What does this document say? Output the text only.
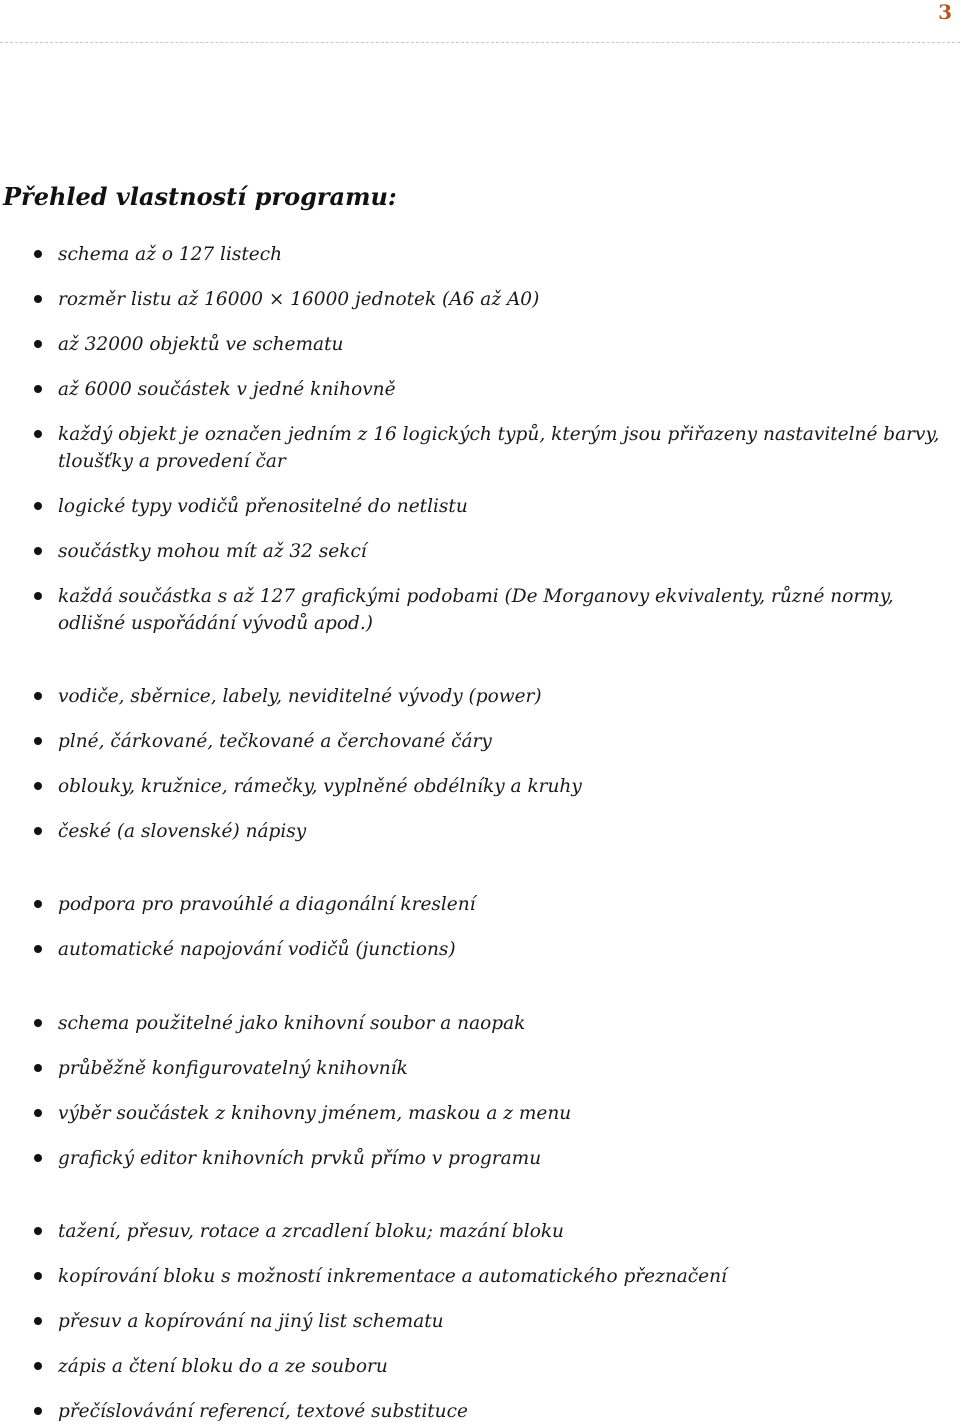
3
Přehled vlastností programu:
schema až o 127 listech
rozměr listu až 16000 × 16000 jednotek (A6 až A0)
až 32000 objektů ve schematu
až 6000 součástek v jedné knihovně
každý objekt je označen jedním z 16 logických typů, kterým jsou přiřazeny nastavitelné barvy, tloušťky a provedení čar
logické typy vodičů přenositelné do netlistu
součástky mohou mít až 32 sekcí
každá součástka s až 127 grafickými podobami (De Morganovy ekvivalenty, různé normy, odlišné uspořádání vývodů apod.)
vodiče, sběrnice, labely, neviditelné vývody (power)
plné, čárkované, tečkované a čerchované čáry
oblouky, kružnice, rámečky, vyplněné obdélníky a kruhy
české (a slovenské) nápisy
podpora pro pravoúhlé a diagonální kreslení
automatické napojování vodičů (junctions)
schema použitelné jako knihovní soubor a naopak
průběžně konfigurovatelný knihovník
výběr součástek z knihovny jménem, maskou a z menu
grafický editor knihovních prvků přímo v programu
tažení, přesuv, rotace a zrcadlení bloku; mazání bloku
kopírování bloku s možností inkrementace a automatického přeznačení
přesuv a kopírování na jiný list schematu
zápis a čtení bloku do a ze souboru
přečíslovávání referencí, textové substituce
